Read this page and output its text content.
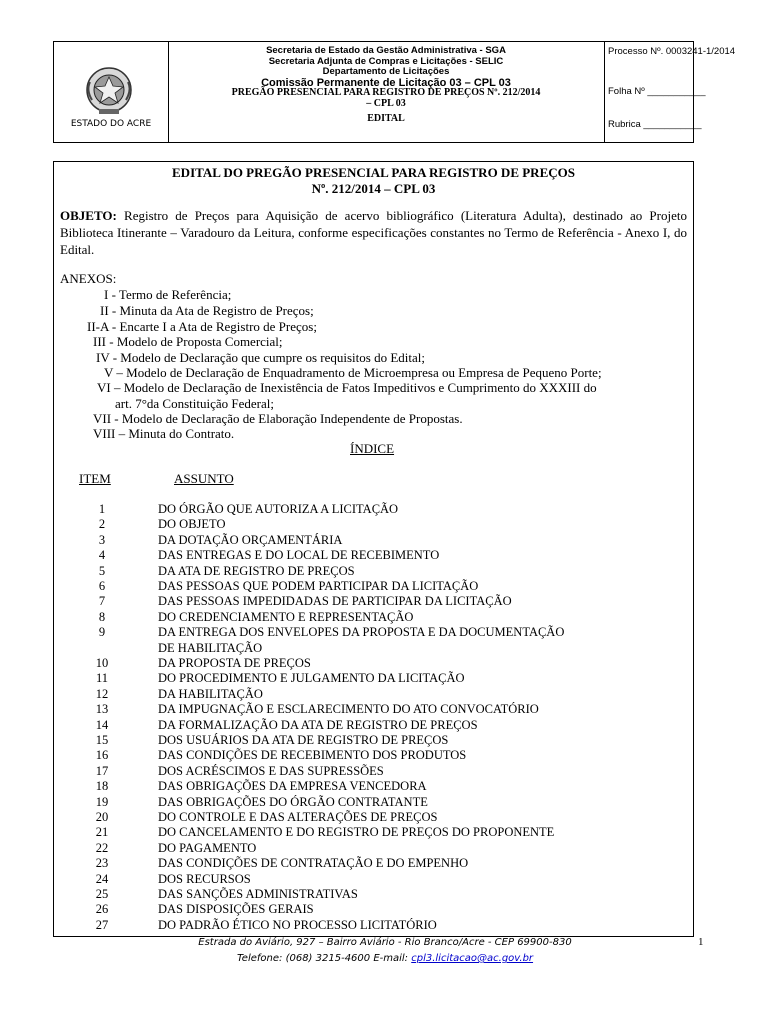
ESTADO DO ACRE
Secretaria de Estado da Gestão Administrativa - SGA
Secretaria Adjunta de Compras e Licitações - SELIC
Departamento de Licitações
Comissão Permanente de Licitação 03 – CPL 03
PREGÃO PRESENCIAL PARA REGISTRO DE PREÇOS Nº. 212/2014
– CPL 03
EDITAL
Processo Nº. 0003241-1/2014
Folha Nº ___________
Rubrica ___________
EDITAL DO PREGÃO PRESENCIAL PARA REGISTRO DE PREÇOS
Nº. 212/2014 – CPL 03
OBJETO: Registro de Preços para Aquisição de acervo bibliográfico (Literatura Adulta), destinado ao Projeto Biblioteca Itinerante – Varadouro da Leitura, conforme especificações constantes no Termo de Referência - Anexo I, do Edital.
ANEXOS:
I - Termo de Referência;
II - Minuta da Ata de Registro de Preços;
II-A - Encarte I a Ata de Registro de Preços;
III - Modelo de Proposta Comercial;
IV - Modelo de Declaração que cumpre os requisitos do Edital;
V – Modelo de Declaração de Enquadramento de Microempresa ou Empresa de Pequeno Porte;
VI – Modelo de Declaração de Inexistência de Fatos Impeditivos e Cumprimento do XXXIII do
art. 7°da Constituição Federal;
VII - Modelo de Declaração de Elaboração Independente de Propostas.
VIII – Minuta do Contrato.
ÍNDICE
ITEM	ASSUNTO
1	DO ÓRGÃO QUE AUTORIZA A LICITAÇÃO
2	DO OBJETO
3	DA DOTAÇÃO ORÇAMENTÁRIA
4	DAS ENTREGAS E DO LOCAL DE RECEBIMENTO
5	DA ATA DE REGISTRO DE PREÇOS
6	DAS PESSOAS QUE PODEM PARTICIPAR DA LICITAÇÃO
7	DAS PESSOAS IMPEDIDADAS DE PARTICIPAR DA LICITAÇÃO
8	DO CREDENCIAMENTO E REPRESENTAÇÃO
9	DA ENTREGA DOS ENVELOPES DA PROPOSTA E DA DOCUMENTAÇÃO
DE HABILITAÇÃO
10	DA PROPOSTA DE PREÇOS
11	DO PROCEDIMENTO E JULGAMENTO DA LICITAÇÃO
12	DA HABILITAÇÃO
13	DA IMPUGNAÇÃO E ESCLARECIMENTO DO ATO CONVOCATÓRIO
14	DA FORMALIZAÇÃO DA ATA DE REGISTRO DE PREÇOS
15	DOS USUÁRIOS DA ATA DE REGISTRO DE PREÇOS
16	DAS CONDIÇÕES DE RECEBIMENTO DOS PRODUTOS
17	DOS ACRÉSCIMOS E DAS SUPRESSÕES
18	DAS OBRIGAÇÕES DA EMPRESA VENCEDORA
19	DAS OBRIGAÇÕES DO ÓRGÃO CONTRATANTE
20	DO CONTROLE E DAS ALTERAÇÕES DE PREÇOS
21	DO CANCELAMENTO E DO REGISTRO DE PREÇOS DO PROPONENTE
22	DO PAGAMENTO
23	DAS CONDIÇÕES DE CONTRATAÇÃO E DO EMPENHO
24	DOS RECURSOS
25	DAS SANÇÕES ADMINISTRATIVAS
26	DAS DISPOSIÇÕES GERAIS
27	DO PADRÃO ÉTICO NO PROCESSO LICITATÓRIO
Estrada do Aviário, 927 – Bairro Aviário - Rio Branco/Acre - CEP 69900-830
Telefone: (068) 3215-4600 E-mail: cpl3.licitacao@ac.gov.br
1
